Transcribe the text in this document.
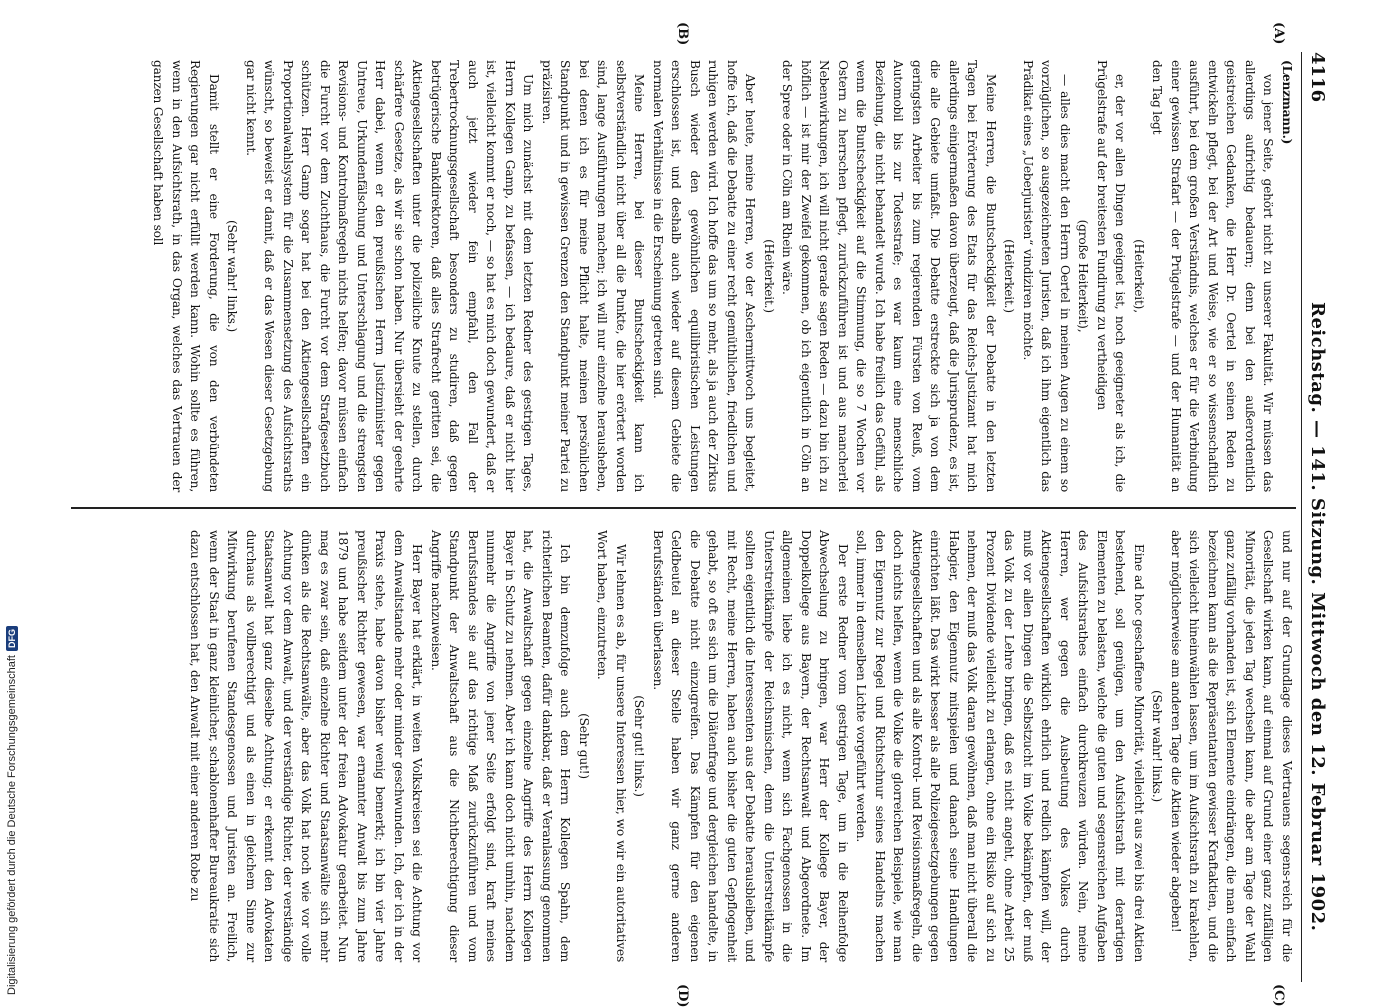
4116
Reichstag. — 141. Sitzung. Mittwoch den 12. Februar 1902.
(A)
(B)
(C)
(D)

(Lenzmann.)

von jener Seite, gehört nicht zu unserer Fakultät. Wir müssen das allerdings aufrichtig bedauern; denn bei den außerordentlich geistreichen Gedanken, die Herr Dr. Oertel in seinen Reden zu entwickeln pflegt, bei der Art und Weise, wie er so wissenschaftlich ausführt, bei dem großen Verständnis, welches er für die Verbindung einer gewissen Strafart — der Prügelstrafe — und der Humanität an den Tag legt

(Heiterkeit),

er, der vor allen Dingen geeignet ist, noch geeigneter als ich, die Prügelstrafe auf der breitesten Fundirung zu vertheidigen

(große Heiterkeit),

— alles dies macht den Herrn Oertel in meinen Augen zu einem so vorzüglichen, so ausgezeichneten Juristen, daß ich ihm eigentlich das Prädikat eines „Ueberjuristen“ vindiziren möchte.

(Heiterkeit.)

Meine Herren, die Buntscheckigkeit der Debatte in den letzten Tagen bei Erörterung des Etats für das Reichs-Justizamt hat mich allerdings einigermaßen davon überzeugt, daß die Jurisprudenz, es ist, die alle Gebiete umfaßt. Die Debatte erstreckte sich ja von dem geringsten Arbeiter bis zum regierenden Fürsten von Reuß, vom Automobil bis zur Todesstrafe; es war kaum eine menschliche Beziehung, die nicht behandelt wurde. Ich habe freilich das Gefühl, als wenn die Buntscheckigkeit auf die Stimmung, die so 7 Wochen vor Ostern zu herrschen pflegt, zurückzuführen ist und aus mancherlei Nebenwirkungen, ich will nicht gerade sagen Reden — dazu bin ich zu höflich — ist mir der Zweifel gekommen, ob ich eigentlich in Cöln an der Spree oder in Cöln am Rhein wäre.

(Heiterkeit.)

Aber heute, meine Herren, wo der Aschermittwoch uns begleitet, hoffe ich, daß die Debatte zu einer recht gemüthlichen, friedlichen und ruhigen werden wird. Ich hoffe das um so mehr, als ja auch der Zirkus Busch wieder den gewöhnlichen equilibristischen Leistungen erschlossen ist, und deshalb auch wieder auf diesem Gebiete die normalen Verhältnisse in die Erscheinung getreten sind.

Meine Herren, bei dieser Buntscheckigkeit kann ich selbstverständlich nicht über all die Punkte, die hier erörtert worden sind, lange Ausführungen machen; ich will nur einzelne herausheben, bei denen ich es für meine Pflicht halte, meinen persönlichen Standpunkt und in gewissen Grenzen den Standpunkt meiner Partei zu präzisiren.

Um mich zunächst mit dem letzten Redner des gestrigen Tages, Herrn Kollegen Gamp, zu befassen, — ich bedaure, daß er nicht hier ist, vielleicht kommt er noch, — so hat es mich doch gewundert, daß er auch jetzt wieder fein empfahl, den Fall der Trebertrocknungsgesellschaft besonders zu studiren, daß gegen betrügerische Bankdirektoren, daß alles Strafrecht geritten sei, die Aktiengesellschaften unter die polizeiliche Knute zu stellen, durch schärfere Gesetze, als wir sie schon haben. Nur übersieht der geehrte Herr dabei, wenn er den preußischen Herrn Justizminister gegen Untreue, Urkundenfälschung und Unterschlagung und die strengsten Revisions- und Kontrolmaßregeln nichts helfen; davor müssen einfach die Furcht vor dem Zuchthaus, die Furcht vor dem Strafgesetzbuch schützen. Herr Gamp sogar hat bei den Aktiengesellschaften ein Proportionalwahlsystem für die Zusammensetzung des Aufsichtsraths wünscht, so beweist er damit, daß er das Wesen dieser Gesetzgebung gar nicht kennt.

(Sehr wahr! links.)

Damit stellt er eine Forderung, die von den verbündeten Regierungen gar nicht erfüllt werden kann. Wohin sollte es führen, wenn in den Aufsichtsrath, in das Organ, welches das Vertrauen der ganzen Gesellschaft haben soll

und nur auf der Grundlage dieses Vertrauens segens-reich für die Gesellschaft wirken kann, auf einmal auf Grund einer ganz zufälligen Minorität, die jeden Tag wechseln kann, die aber am Tage der Wahl ganz zufällig vorhanden ist, sich Elemente eindrängen, die man einfach bezeichnen kann als die Repräsentanten gewisser Kraftaktien, und die sich vielleicht hineinwählen lassen, um im Aufsichtsrath zu krakehlen, aber möglicherweise am anderen Tage die Aktien wieder abgeben!

(Sehr wahr! links.)

Eine ad hoc geschaffene Minorität, vielleicht aus zwei bis drei Aktien bestehend, soll genügen, um den Aufsichtsrath mit derartigen Elementen zu belasten, welche die guten und segensreichen Aufgaben des Aufsichtsrathes einfach durchkreuzen würden. Nein, meine Herren, wer gegen die Ausbeutung des Volkes durch Aktiengesellschaften wirklich ehrlich und redlich kämpfen will, der muß vor allen Dingen die Selbstzucht im Volke bekämpfen, der muß das Volk zu der Lehre bringen, daß es nicht angeht, ohne Arbeit 25 Prozent Dividende vielleicht zu erlangen, ohne ein Risiko auf sich zu nehmen, der muß das Volk daran gewöhnen, daß man nicht überall die Habgier, den Eigennutz mitspielen und danach seine Handlungen einrichten läßt. Das wirkt besser als alle Polizeigesetzgebungen gegen Aktiengesellschaften und als alle Kontrol- und Revisionsmaßregeln, die doch nichts helfen, wenn die Volke die glorreichen Beispiele, wie man den Eigennutz zur Regel und Richtschnur seines Handelns machen soll, immer in demselben Lichte vorgeführt werden.

Der erste Redner vom gestrigen Tage, um in die Reihenfolge Abwechselung zu bringen, war Herr der Kollege Bayer, der Doppelkollege aus Bayern, der Rechtsanwalt und Abgeordnete. Im allgemeinen liebe ich es nicht, wenn sich Fachgenossen in die Unterstreitkämpfe der Reichsmischen, denn die Unterstreitkämpfe sollten eigentlich die Interessenten aus der Debatte herausbleiben, und mit Recht, meine Herren, haben auch bisher die guten Gepflogenheit gehabt, so oft es sich um die Diätenfrage und dergleichen handelte, in die Debatte nicht einzugreifen. Das Kämpfen für den eigenen Geldbeutel an dieser Stelle haben wir ganz gerne anderen Berufsständen überlassen.

(Sehr gut! links.)

Wir lehnen es ab, für unsere Interessen hier, wo wir ein autoritatives Wort haben, einzutreten.

(Sehr gut!)

Ich bin demzufolge auch dem Herrn Kollegen Spahn, dem richterlichen Beamten, dafür dankbar, daß er Veranlassung genommen hat, die Anwaltschaft gegen einzelne Angriffe des Herrn Kollegen Bayer in Schutz zu nehmen. Aber ich kann doch nicht umhin, nachdem nunmehr die Angriffe von jener Seite erfolgt sind, kraft meines Berufsstandes sie auf das richtige Maß zurückzuführen und vom Standpunkt der Anwaltschaft aus die Nichtberechtigung dieser Angriffe nachzuweisen.

Herr Bayer hat erklärt, in weiten Volkskreisen sei die Achtung vor dem Anwaltstande mehr oder minder geschwunden. Ich, der ich in der Praxis stehe, habe davon bisher wenig bemerkt; ich bin vier Jahre preußischer Richter gewesen, war ernannter Anwalt bis zum Jahre 1879 und habe seitdem unter der freien Advokatur gearbeitet. Nun mag es zwar sein, daß einzelne Richter und Staatsanwälte sich mehr dünken als die Rechtsanwälte, aber das Volk hat noch wie vor volle Achtung vor dem Anwalt, und der verständige Richter, der verständige Staatsanwalt hat ganz dieselbe Achtung; er erkennt den Advokaten durchaus als vollberechtigt und als einen in gleichem Sinne zur Mitwirkung berufenen Standesgenossen und Juristen an. Freilich, wenn der Staat in ganz kleinlicher, schablonenhafter Bureaukratie sich dazu entschlossen hat, den Anwalt mit einer anderen Robe zu

Digitalisierung gefördert durch die Deutsche ForschungsgemeinschaftDFG
